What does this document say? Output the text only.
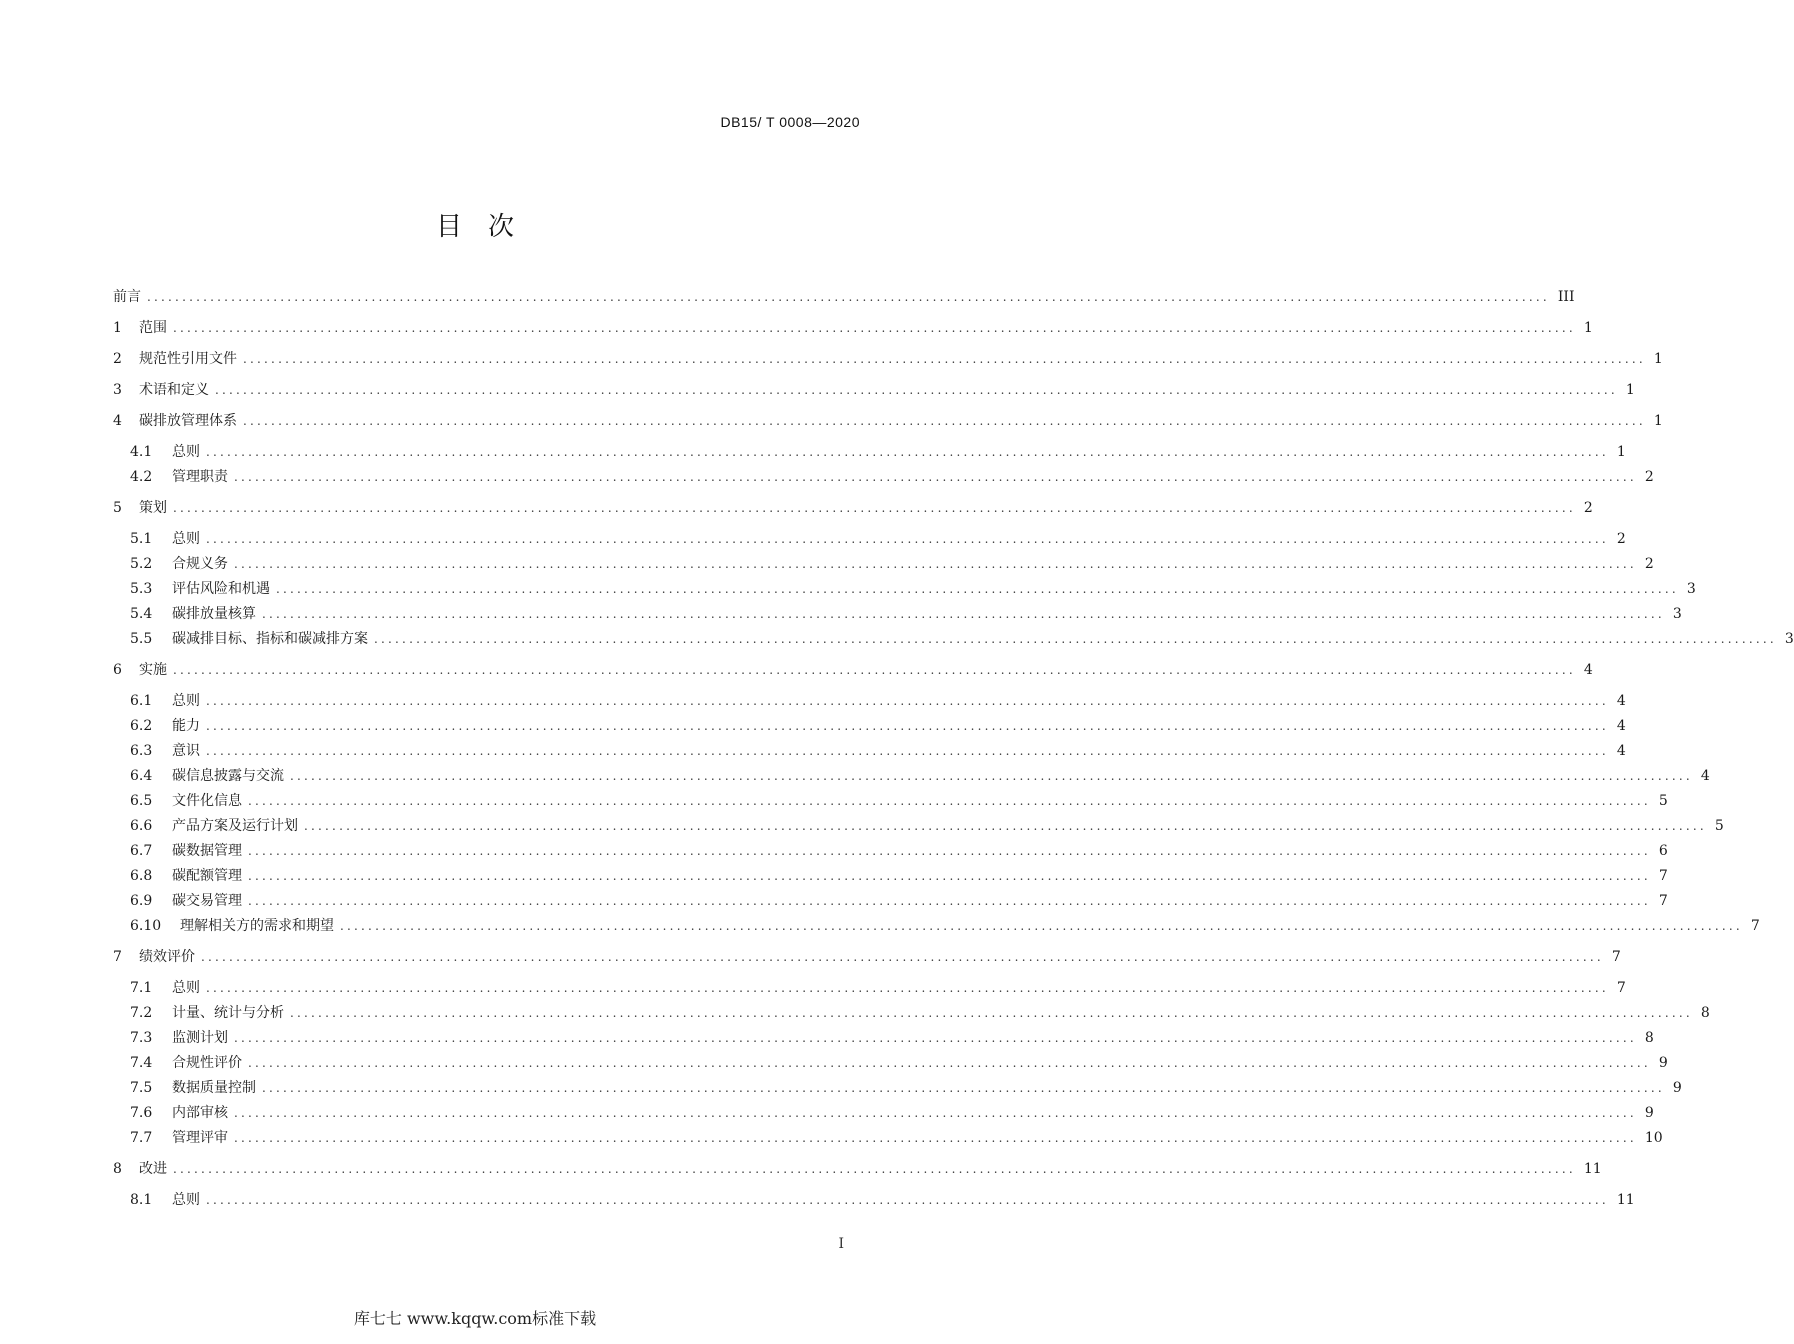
DB15/ T 0008—2020
目次
前言 ........................................................................................................................................................................................................ III
1	范围 ........................................................................................................................................................................................................ 1
2	规范性引用文件 ........................................................................................................................................................................................................ 1
3	术语和定义 ........................................................................................................................................................................................................ 1
4	碳排放管理体系 ........................................................................................................................................................................................................ 1
4.1	总则 ........................................................................................................................................................................................................ 1
4.2	管理职责 ........................................................................................................................................................................................................ 2
5	策划 ........................................................................................................................................................................................................ 2
5.1	总则 ........................................................................................................................................................................................................ 2
5.2	合规义务 ........................................................................................................................................................................................................ 2
5.3	评估风险和机遇 ........................................................................................................................................................................................................ 3
5.4	碳排放量核算 ........................................................................................................................................................................................................ 3
5.5	碳减排目标、指标和碳减排方案 ........................................................................................................................................................................................................ 3
6	实施 ........................................................................................................................................................................................................ 4
6.1	总则 ........................................................................................................................................................................................................ 4
6.2	能力 ........................................................................................................................................................................................................ 4
6.3	意识 ........................................................................................................................................................................................................ 4
6.4	碳信息披露与交流 ........................................................................................................................................................................................................ 4
6.5	文件化信息 ........................................................................................................................................................................................................ 5
6.6	产品方案及运行计划 ........................................................................................................................................................................................................ 5
6.7	碳数据管理 ........................................................................................................................................................................................................ 6
6.8	碳配额管理 ........................................................................................................................................................................................................ 7
6.9	碳交易管理 ........................................................................................................................................................................................................ 7
6.10	理解相关方的需求和期望 ........................................................................................................................................................................................................ 7
7	绩效评价 ........................................................................................................................................................................................................ 7
7.1	总则 ........................................................................................................................................................................................................ 7
7.2	计量、统计与分析 ........................................................................................................................................................................................................ 8
7.3	监测计划 ........................................................................................................................................................................................................ 8
7.4	合规性评价 ........................................................................................................................................................................................................ 9
7.5	数据质量控制 ........................................................................................................................................................................................................ 9
7.6	内部审核 ........................................................................................................................................................................................................ 9
7.7	管理评审 ........................................................................................................................................................................................................ 10
8	改进 ........................................................................................................................................................................................................ 11
8.1	总则 ........................................................................................................................................................................................................ 11
I
库七七 www.kqqw.com标准下载
